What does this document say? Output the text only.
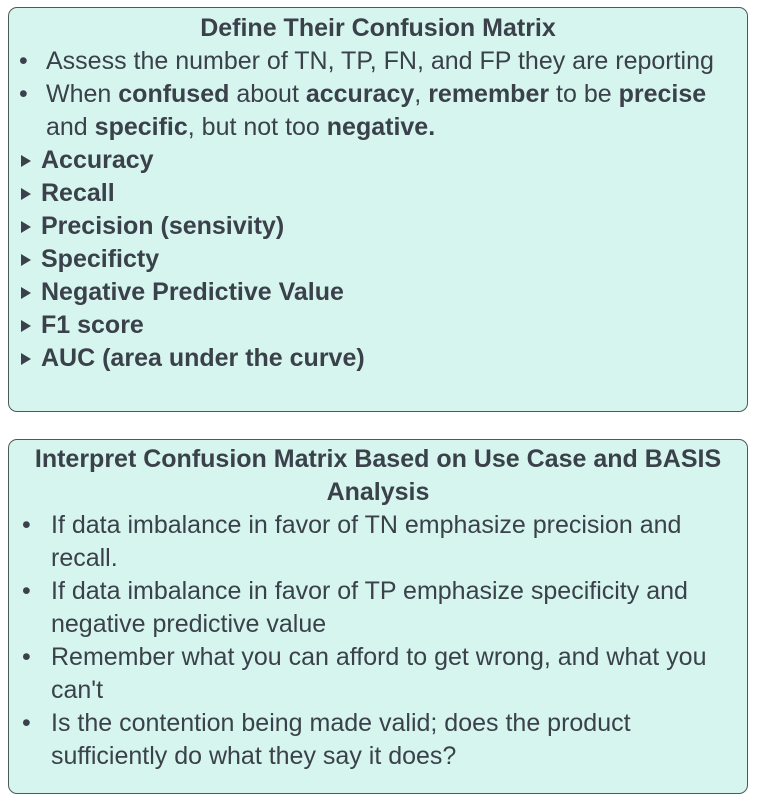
Define Their Confusion Matrix
• Assess the number of TN, TP, FN, and FP they are reporting
• When confused about accuracy, remember to be precise and specific, but not too negative.
Accuracy
Recall
Precision (sensivity)
Specificty
Negative Predictive Value
F1 score
AUC (area under the curve)
Interpret Confusion Matrix Based on Use Case and BASIS Analysis
• If data imbalance in favor of TN emphasize precision and recall.
• If data imbalance in favor of TP emphasize specificity and negative predictive value
• Remember what you can afford to get wrong, and what you can't
• Is the contention being made valid; does the product sufficiently do what they say it does?
